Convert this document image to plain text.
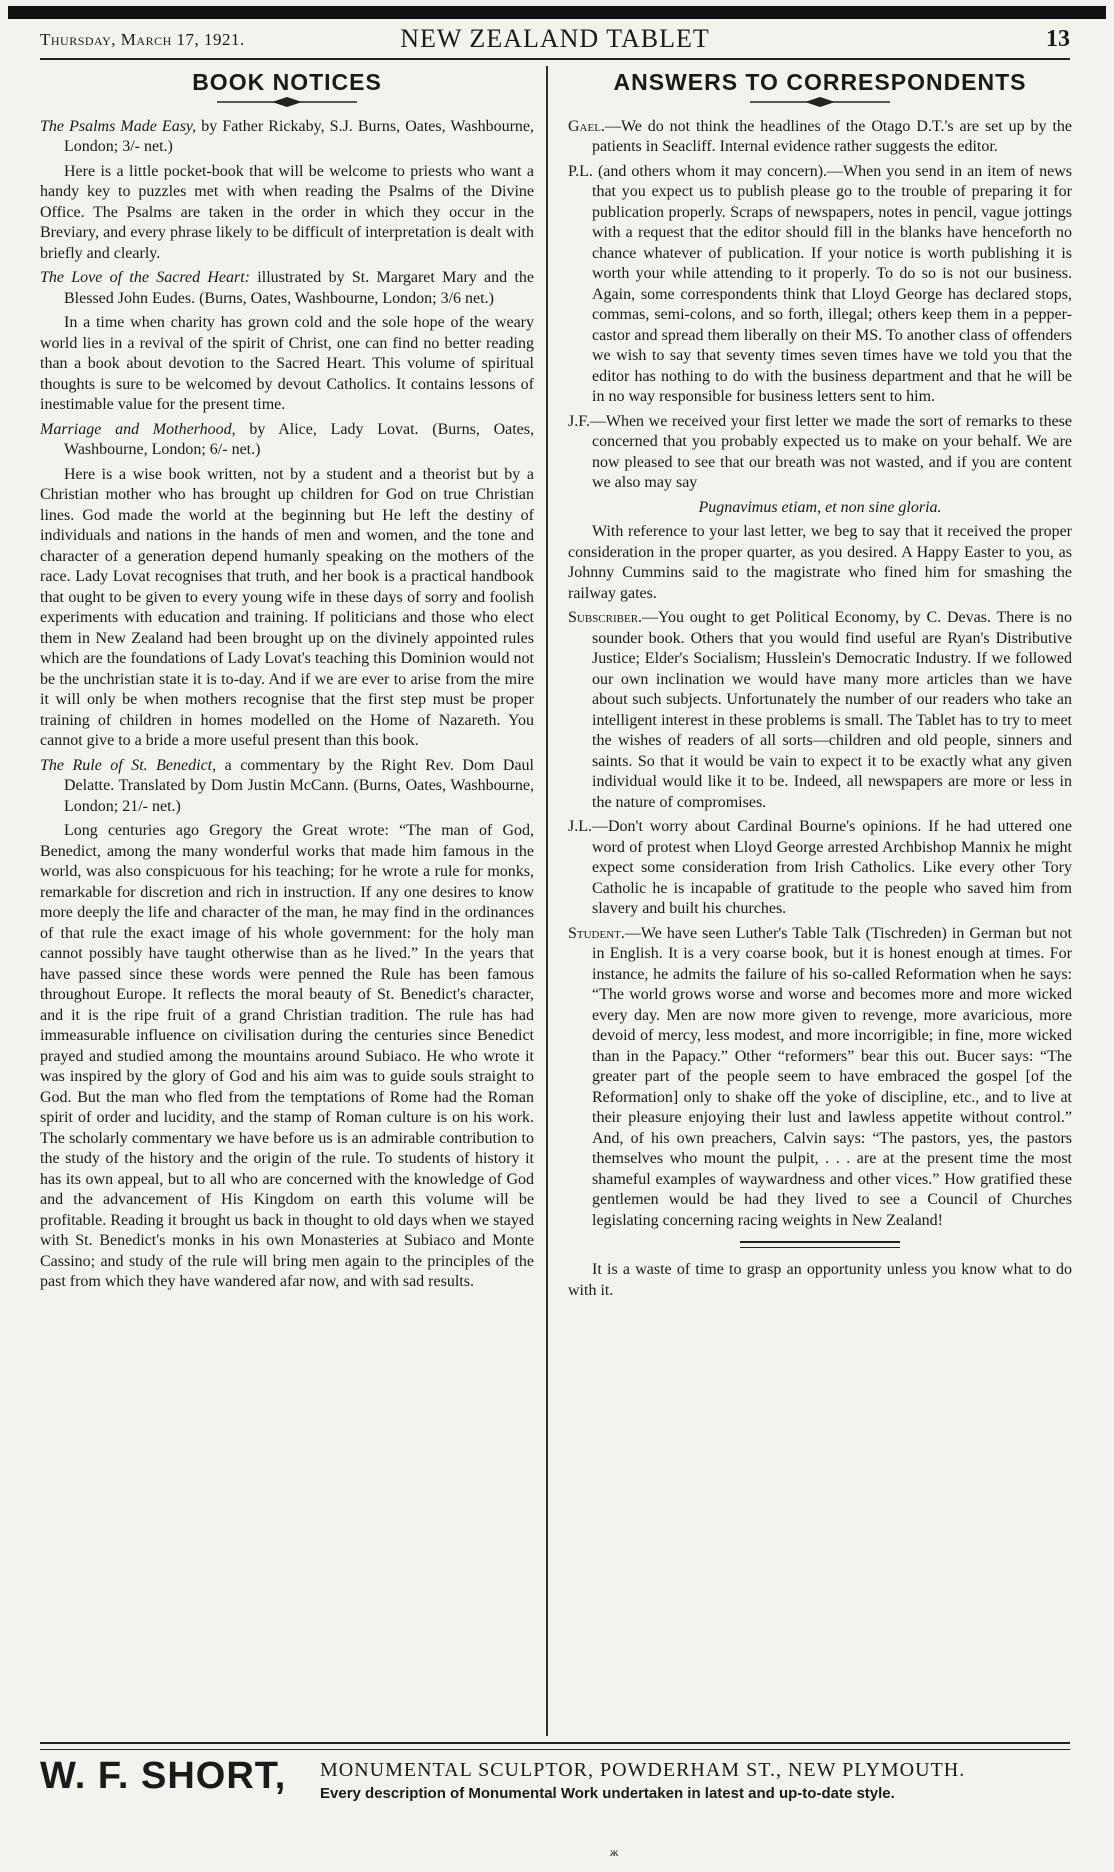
Thursday, March 17, 1921.	NEW ZEALAND TABLET	13
BOOK NOTICES

The Psalms Made Easy, by Father Rickaby, S.J. Burns, Oates, Washbourne, London; 3/- net.)

Here is a little pocket-book that will be welcome to priests who want a handy key to puzzles met with when reading the Psalms of the Divine Office. The Psalms are taken in the order in which they occur in the Breviary, and every phrase likely to be difficult of interpretation is dealt with briefly and clearly.

The Love of the Sacred Heart: illustrated by St. Margaret Mary and the Blessed John Eudes. (Burns, Oates, Washbourne, London; 3/6 net.)

In a time when charity has grown cold and the sole hope of the weary world lies in a revival of the spirit of Christ, one can find no better reading than a book about devotion to the Sacred Heart. This volume of spiritual thoughts is sure to be welcomed by devout Catholics. It contains lessons of inestimable value for the present time.

Marriage and Motherhood, by Alice, Lady Lovat. (Burns, Oates, Washbourne, London; 6/- net.)

Here is a wise book written, not by a student and a theorist but by a Christian mother who has brought up children for God on true Christian lines. God made the world at the beginning but He left the destiny of individuals and nations in the hands of men and women, and the tone and character of a generation depend humanly speaking on the mothers of the race. Lady Lovat recognises that truth, and her book is a practical handbook that ought to be given to every young wife in these days of sorry and foolish experiments with education and training. If politicians and those who elect them in New Zealand had been brought up on the divinely appointed rules which are the foundations of Lady Lovat's teaching this Dominion would not be the unchristian state it is to-day. And if we are ever to arise from the mire it will only be when mothers recognise that the first step must be proper training of children in homes modelled on the Home of Nazareth. You cannot give to a bride a more useful present than this book.

The Rule of St. Benedict, a commentary by the Right Rev. Dom Daul Delatte. Translated by Dom Justin McCann. (Burns, Oates, Washbourne, London; 21/- net.)

Long centuries ago Gregory the Great wrote: “The man of God, Benedict, among the many wonderful works that made him famous in the world, was also conspicuous for his teaching; for he wrote a rule for monks, remarkable for discretion and rich in instruction. If any one desires to know more deeply the life and character of the man, he may find in the ordinances of that rule the exact image of his whole government: for the holy man cannot possibly have taught otherwise than as he lived.” In the years that have passed since these words were penned the Rule has been famous throughout Europe. It reflects the moral beauty of St. Benedict's character, and it is the ripe fruit of a grand Christian tradition. The rule has had immeasurable influence on civilisation during the centuries since Benedict prayed and studied among the mountains around Subiaco. He who wrote it was inspired by the glory of God and his aim was to guide souls straight to God. But the man who fled from the temptations of Rome had the Roman spirit of order and lucidity, and the stamp of Roman culture is on his work. The scholarly commentary we have before us is an admirable contribution to the study of the history and the origin of the rule. To students of history it has its own appeal, but to all who are concerned with the knowledge of God and the advancement of His Kingdom on earth this volume will be profitable. Reading it brought us back in thought to old days when we stayed with St. Benedict's monks in his own Monasteries at Subiaco and Monte Cassino; and study of the rule will bring men again to the principles of the past from which they have wandered afar now, and with sad results.

ANSWERS TO CORRESPONDENTS

Gael.—We do not think the headlines of the Otago D.T.'s are set up by the patients in Seacliff. Internal evidence rather suggests the editor.

P.L. (and others whom it may concern).—When you send in an item of news that you expect us to publish please go to the trouble of preparing it for publication properly. Scraps of newspapers, notes in pencil, vague jottings with a request that the editor should fill in the blanks have henceforth no chance whatever of publication. If your notice is worth publishing it is worth your while attending to it properly. To do so is not our business. Again, some correspondents think that Lloyd George has declared stops, commas, semi-colons, and so forth, illegal; others keep them in a pepper-castor and spread them liberally on their MS. To another class of offenders we wish to say that seventy times seven times have we told you that the editor has nothing to do with the business department and that he will be in no way responsible for business letters sent to him.

J.F.—When we received your first letter we made the sort of remarks to these concerned that you probably expected us to make on your behalf. We are now pleased to see that our breath was not wasted, and if you are content we also may say

Pugnavimus etiam, et non sine gloria.

With reference to your last letter, we beg to say that it received the proper consideration in the proper quarter, as you desired. A Happy Easter to you, as Johnny Cummins said to the magistrate who fined him for smashing the railway gates.

Subscriber.—You ought to get Political Economy, by C. Devas. There is no sounder book. Others that you would find useful are Ryan's Distributive Justice; Elder's Socialism; Husslein's Democratic Industry. If we followed our own inclination we would have many more articles than we have about such subjects. Unfortunately the number of our readers who take an intelligent interest in these problems is small. The Tablet has to try to meet the wishes of readers of all sorts—children and old people, sinners and saints. So that it would be vain to expect it to be exactly what any given individual would like it to be. Indeed, all newspapers are more or less in the nature of compromises.

J.L.—Don't worry about Cardinal Bourne's opinions. If he had uttered one word of protest when Lloyd George arrested Archbishop Mannix he might expect some consideration from Irish Catholics. Like every other Tory Catholic he is incapable of gratitude to the people who saved him from slavery and built his churches.

Student.—We have seen Luther's Table Talk (Tischreden) in German but not in English. It is a very coarse book, but it is honest enough at times. For instance, he admits the failure of his so-called Reformation when he says: “The world grows worse and worse and becomes more and more wicked every day. Men are now more given to revenge, more avaricious, more devoid of mercy, less modest, and more incorrigible; in fine, more wicked than in the Papacy.” Other “reformers” bear this out. Bucer says: “The greater part of the people seem to have embraced the gospel [of the Reformation] only to shake off the yoke of discipline, etc., and to live at their pleasure enjoying their lust and lawless appetite without control.” And, of his own preachers, Calvin says: “The pastors, yes, the pastors themselves who mount the pulpit, . . . are at the present time the most shameful examples of waywardness and other vices.” How gratified these gentlemen would be had they lived to see a Council of Churches legislating concerning racing weights in New Zealand!

It is a waste of time to grasp an opportunity unless you know what to do with it.

W. F. SHORT, MONUMENTAL SCULPTOR, POWDERHAM ST., NEW PLYMOUTH.
Every description of Monumental Work undertaken in latest and up-to-date style.
ж
